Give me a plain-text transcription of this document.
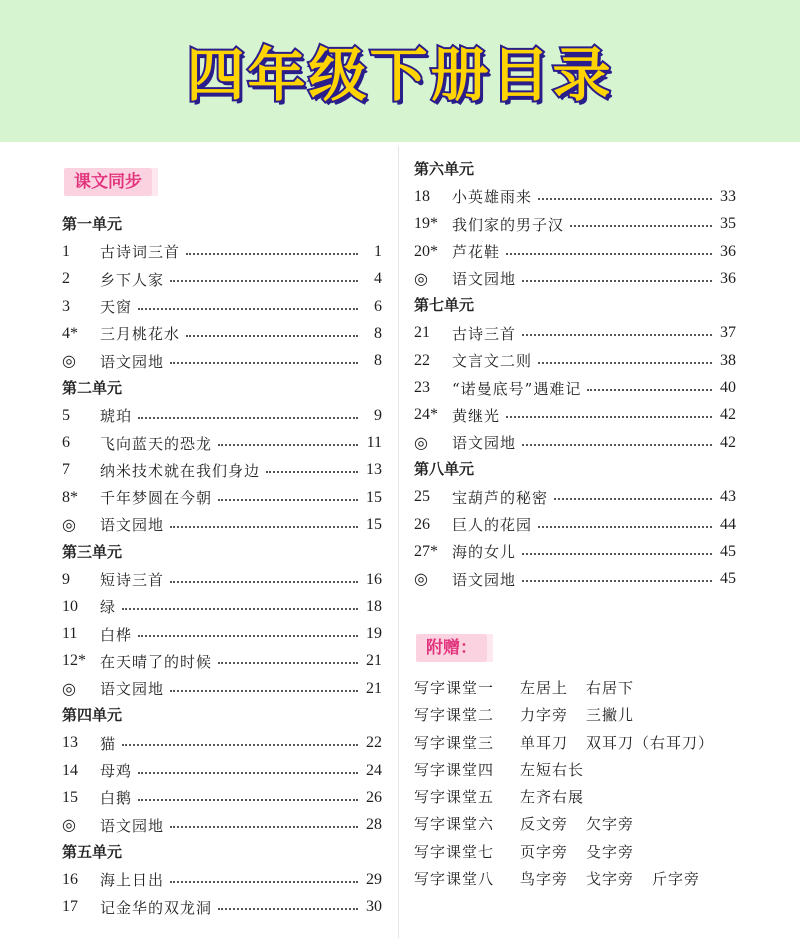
四年级下册目录
课文同步
第一单元
1	古诗词三首	1
2	乡下人家	4
3	天窗	6
4*	三月桃花水	8
◎	语文园地	8
第二单元
5	琥珀	9
6	飞向蓝天的恐龙	11
7	纳米技术就在我们身边	13
8*	千年梦圆在今朝	15
◎	语文园地	15
第三单元
9	短诗三首	16
10	绿	18
11	白桦	19
12* 在天晴了的时候	21
◎	语文园地	21
第四单元
13	猫	22
14	母鸡	24
15	白鹅	26
◎	语文园地	28
第五单元
16	海上日出	29
17	记金华的双龙洞	30
第六单元
18	小英雄雨来	33
19* 我们家的男子汉	35
20* 芦花鞋	36
◎	语文园地	36
第七单元
21	古诗三首	37
22	文言文二则	38
23	“诺曼底号”遇难记	40
24* 黄继光	42
◎	语文园地	42
第八单元
25	宝葫芦的秘密	43
26	巨人的花园	44
27* 海的女儿	45
◎	语文园地	45
附赠：
写字课堂一	左居上 右居下
写字课堂二	力字旁 三撇儿
写字课堂三	单耳刀 双耳刀（右耳刀）
写字课堂四	左短右长
写字课堂五	左齐右展
写字课堂六	反文旁 欠字旁
写字课堂七	页字旁 殳字旁
写字课堂八	鸟字旁 戈字旁 斤字旁
